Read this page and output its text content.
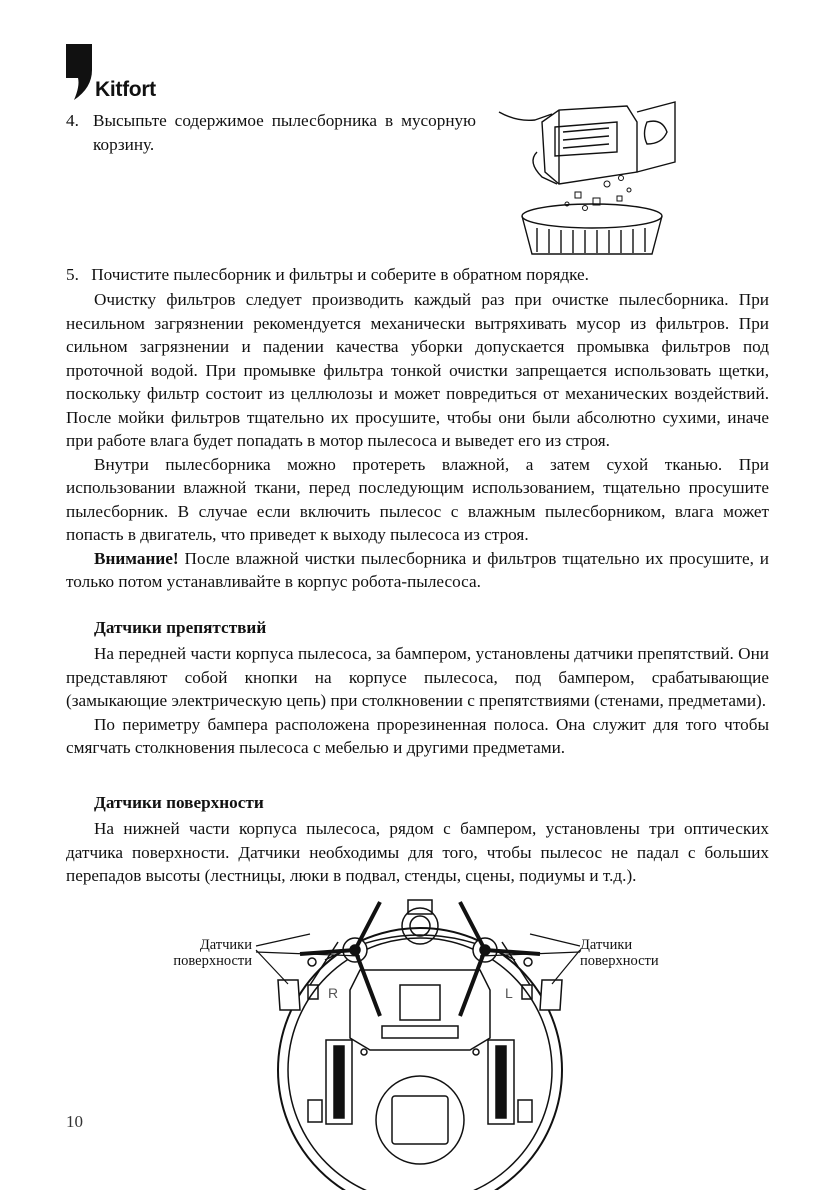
Kitfort
4. Высыпьте содержимое пылесборника в мусорную корзину.
5. Почистите пылесборник и фильтры и соберите в обратном порядке.

Очистку фильтров следует производить каждый раз при очистке пылесборника. При несильном загрязнении рекомендуется механически вытряхивать мусор из фильтров. При сильном загрязнении и падении качества уборки допускается промывка фильтров под проточной водой. При промывке фильтра тонкой очистки запрещается использовать щетки, поскольку фильтр состоит из целлюлозы и может повредиться от механических воздействий. После мойки фильтров тщательно их просушите, чтобы они были абсолютно сухими, иначе при работе влага будет попадать в мотор пылесоса и выведет его из строя.

Внутри пылесборника можно протереть влажной, а затем сухой тканью. При использовании влажной ткани, перед последующим использованием, тщательно просушите пылесборник. В случае если включить пылесос с влажным пылесборником, влага может попасть в двигатель, что приведет к выходу пылесоса из строя.

Внимание! После влажной чистки пылесборника и фильтров тщательно их просушите, и только потом устанавливайте в корпус робота-пылесоса.

Датчики препятствий

На передней части корпуса пылесоса, за бампером, установлены датчики препятствий. Они представляют собой кнопки на корпусе пылесоса, под бампером, срабатывающие (замыкающие электрическую цепь) при столкновении с препятствиями (стенами, предметами).

По периметру бампера расположена прорезиненная полоса. Она служит для того чтобы смягчать столкновения пылесоса с мебелью и другими предметами.

Датчики поверхности

На нижней части корпуса пылесоса, рядом с бампером, установлены три оптических датчика поверхности. Датчики необходимы для того, чтобы пылесос не падал с больших перепадов высоты (лестницы, люки в подвал, стенды, сцены, подиумы и т.д.).

Датчики
поверхности
Датчики
поверхности
R	L
10
